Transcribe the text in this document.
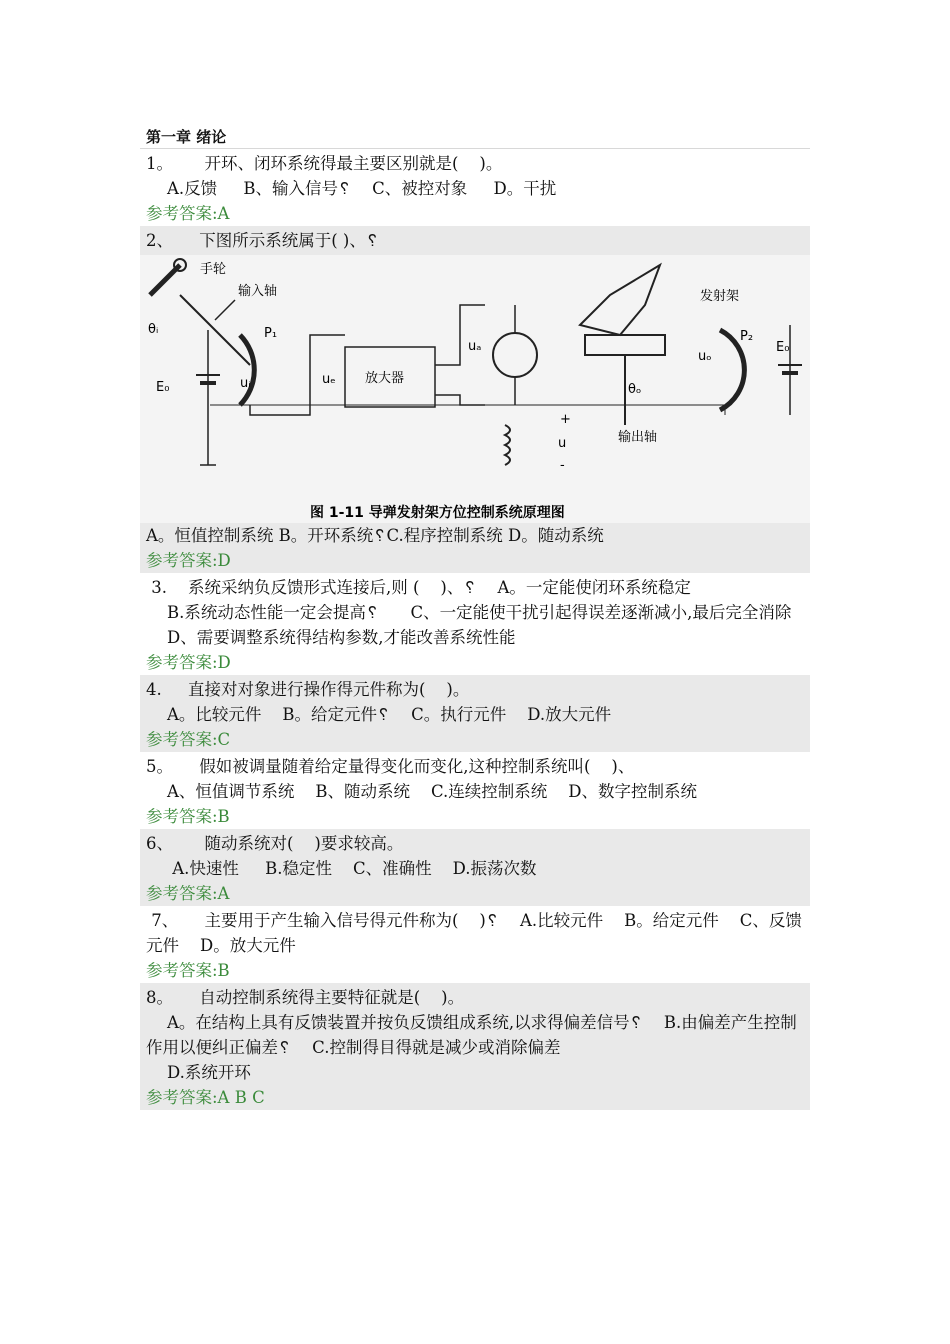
第一章 绪论
1。      开环、闭环系统得最主要区别就是(    )。
A.反馈     B、输入信号␦    C、被控对象     D。干扰
参考答案:A
2、     下图所示系统属于( )、␦
手轮
输入轴
θᵢ
E₀
P₁
uᵢ	放大器
uₑ
uₐ
+
u
-
发射架
θₒ
输出轴
P₂
uₒ
E₀
图 1-11 导弹发射架方位控制系统原理图
A。恒值控制系统 B。开环系统␦C.程序控制系统 D。随动系统
参考答案:D
3.    系统采纳负反馈形式连接后,则 (    )、␦    A。一定能使闭环系统稳定
B.系统动态性能一定会提高␦      C、一定能使干扰引起得误差逐渐减小,最后完全消除
D、需要调整系统得结构参数,才能改善系统性能
参考答案:D
4.     直接对对象进行操作得元件称为(    )。
A。比较元件    B。给定元件␦    C。执行元件    D.放大元件
参考答案:C
5。     假如被调量随着给定量得变化而变化,这种控制系统叫(    )、
A、恒值调节系统    B、随动系统    C.连续控制系统    D、数字控制系统
参考答案:B
6、      随动系统对(    )要求较高。
A.快速性     B.稳定性    C、准确性    D.振荡次数
参考答案:A
7、     主要用于产生输入信号得元件称为(    )␦    A.比较元件    B。给定元件    C、反馈元件    D。放大元件
参考答案:B
8。     自动控制系统得主要特征就是(    )。
A。在结构上具有反馈装置并按负反馈组成系统,以求得偏差信号␦    B.由偏差产生控制作用以便纠正偏差␦    C.控制得目得就是减少或消除偏差
D.系统开环
参考答案:A B C
